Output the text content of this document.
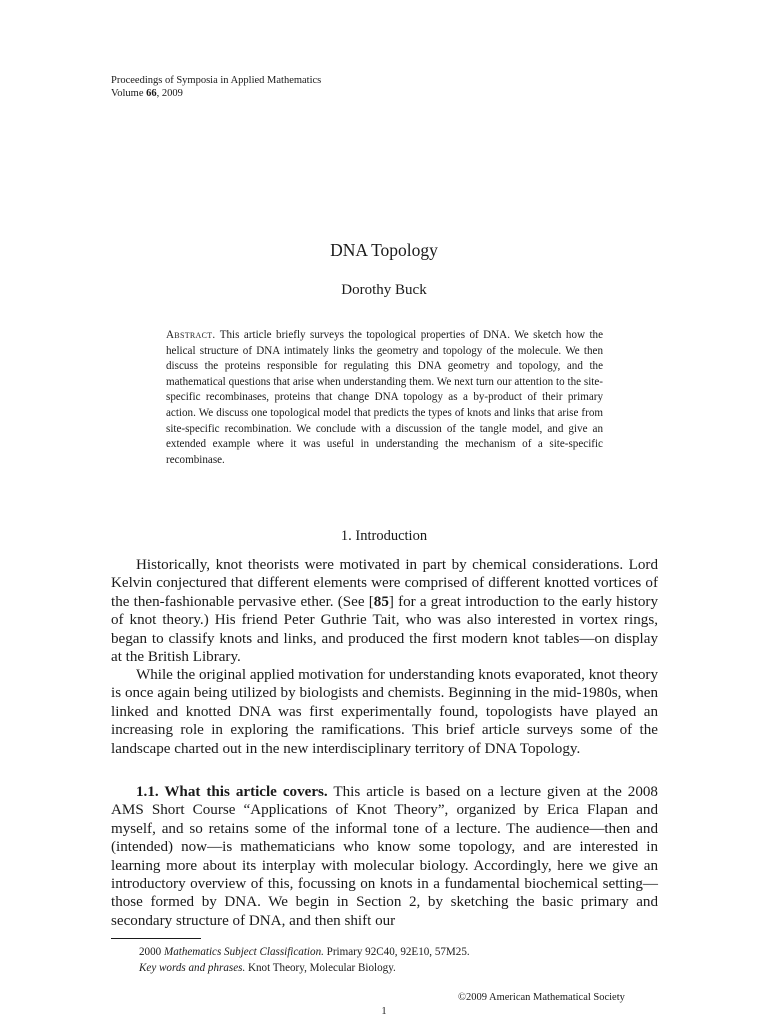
Proceedings of Symposia in Applied Mathematics
Volume 66, 2009
DNA Topology
Dorothy Buck
Abstract. This article briefly surveys the topological properties of DNA. We sketch how the helical structure of DNA intimately links the geometry and topology of the molecule. We then discuss the proteins responsible for regulating this DNA geometry and topology, and the mathematical questions that arise when understanding them. We next turn our attention to the site-specific recombinases, proteins that change DNA topology as a by-product of their primary action. We discuss one topological model that predicts the types of knots and links that arise from site-specific recombination. We conclude with a discussion of the tangle model, and give an extended example where it was useful in understanding the mechanism of a site-specific recombinase.
1. Introduction

Historically, knot theorists were motivated in part by chemical considerations. Lord Kelvin conjectured that different elements were comprised of different knotted vortices of the then-fashionable pervasive ether. (See [85] for a great introduction to the early history of knot theory.) His friend Peter Guthrie Tait, who was also interested in vortex rings, began to classify knots and links, and produced the first modern knot tables—on display at the British Library.

While the original applied motivation for understanding knots evaporated, knot theory is once again being utilized by biologists and chemists. Beginning in the mid-1980s, when linked and knotted DNA was first experimentally found, topologists have played an increasing role in exploring the ramifications. This brief article surveys some of the landscape charted out in the new interdisciplinary territory of DNA Topology.

1.1. What this article covers. This article is based on a lecture given at the 2008 AMS Short Course “Applications of Knot Theory”, organized by Erica Flapan and myself, and so retains some of the informal tone of a lecture. The audience—then and (intended) now—is mathematicians who know some topology, and are interested in learning more about its interplay with molecular biology. Accordingly, here we give an introductory overview of this, focussing on knots in a fundamental biochemical setting—those formed by DNA. We begin in Section 2, by sketching the basic primary and secondary structure of DNA, and then shift our

2000 Mathematics Subject Classification. Primary 92C40, 92E10, 57M25.
Key words and phrases. Knot Theory, Molecular Biology.
©2009 American Mathematical Society
1
